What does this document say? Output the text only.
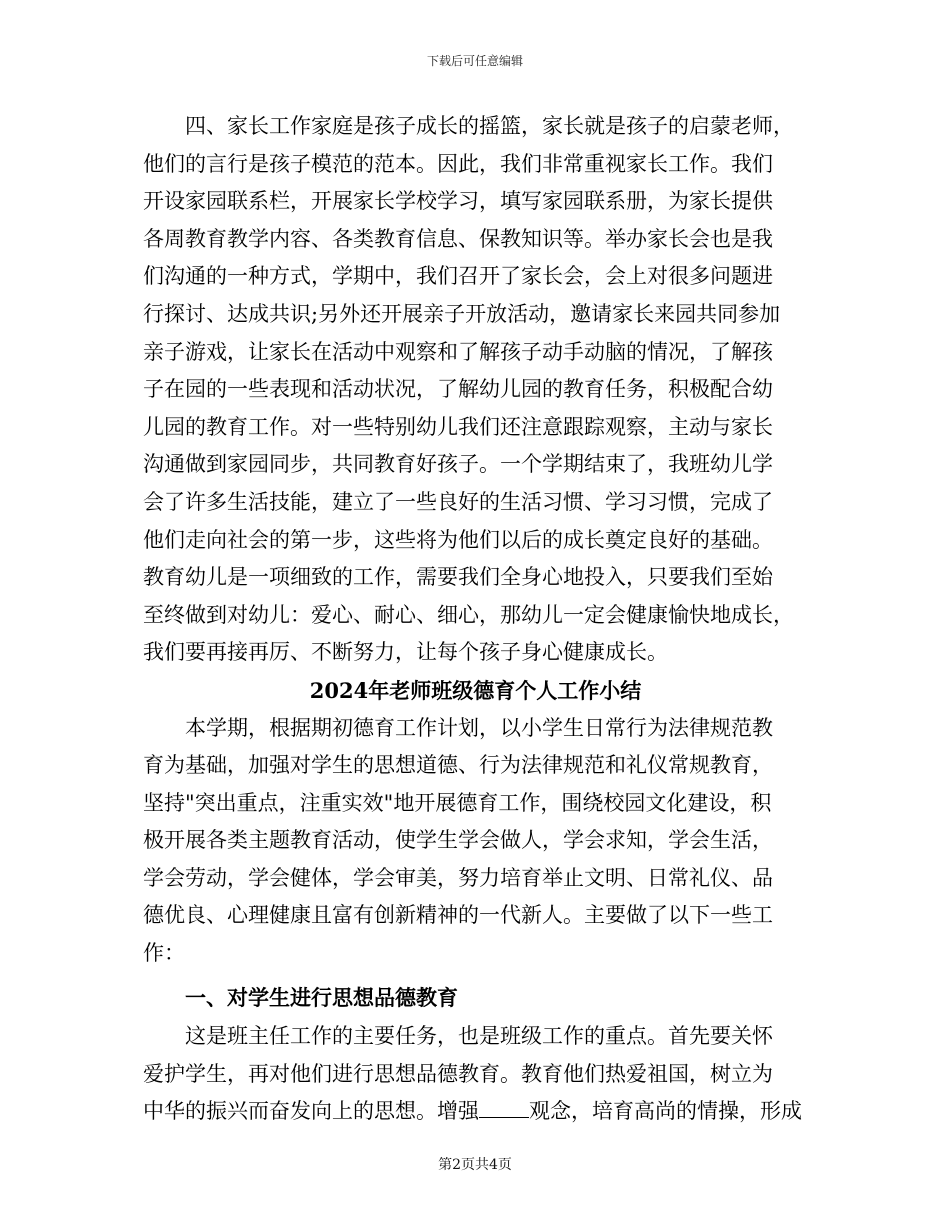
下载后可任意编辑
四、家长工作家庭是孩子成长的摇篮，家长就是孩子的启蒙老师，
他们的言行是孩子模范的范本。因此，我们非常重视家长工作。我们
开设家园联系栏，开展家长学校学习，填写家园联系册，为家长提供
各周教育教学内容、各类教育信息、保教知识等。举办家长会也是我
们沟通的一种方式，学期中，我们召开了家长会，会上对很多问题进
行探讨、达成共识;另外还开展亲子开放活动，邀请家长来园共同参加
亲子游戏，让家长在活动中观察和了解孩子动手动脑的情况，了解孩
子在园的一些表现和活动状况，了解幼儿园的教育任务，积极配合幼
儿园的教育工作。对一些特别幼儿我们还注意跟踪观察，主动与家长
沟通做到家园同步，共同教育好孩子。一个学期结束了，我班幼儿学
会了许多生活技能，建立了一些良好的生活习惯、学习习惯，完成了
他们走向社会的第一步，这些将为他们以后的成长奠定良好的基础。
教育幼儿是一项细致的工作，需要我们全身心地投入，只要我们至始
至终做到对幼儿：爱心、耐心、细心，那幼儿一定会健康愉快地成长，
我们要再接再厉、不断努力，让每个孩子身心健康成长。
2024年老师班级德育个人工作小结
本学期，根据期初德育工作计划，以小学生日常行为法律规范教
育为基础，加强对学生的思想道德、行为法律规范和礼仪常规教育，
坚持"突出重点，注重实效"地开展德育工作，围绕校园文化建设，积
极开展各类主题教育活动，使学生学会做人，学会求知，学会生活，
学会劳动，学会健体，学会审美，努力培育举止文明、日常礼仪、品
德优良、心理健康且富有创新精神的一代新人。主要做了以下一些工
作：
一、对学生进行思想品德教育
这是班主任工作的主要任务，也是班级工作的重点。首先要关怀
爱护学生，再对他们进行思想品德教育。教育他们热爱祖国，树立为
中华的振兴而奋发向上的思想。增强 观念，培育高尚的情操，形成
第2页共4页
